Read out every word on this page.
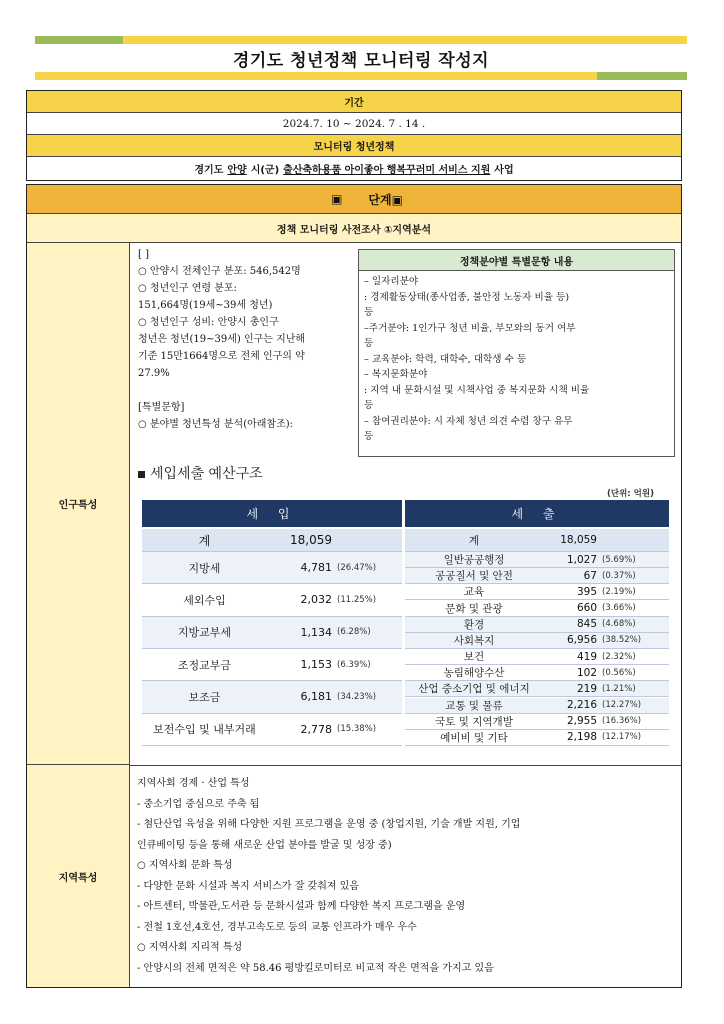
경기도 청년정책 모니터링 작성지
기간
2024.7. 10 ~ 2024. 7 . 14 .
모니터링 청년정책
경기도 안양 시(군) 출산축하용품 아이좋아 행복꾸러미 서비스 지원 사업
▣ 단계▣
정책 모니터링 사전조사 ①지역분석
인구특성
지역특성

[ ]

○ 안양시 전체인구 분포: 546,542명

○ 청년인구 연령 분포:

151,664명(19세~39세 청년)

○ 청년인구 성비: 안양시 총인구

청년은 청년(19~39세) 인구는 지난해

기준 15만1664명으로 전체 인구의 약

27.9%

[특별문항]

○ 분야별 청년특성 분석(아래참조):

정책분야별 특별문항 내용

– 일자리분야

: 경제활동상태(종사업종, 불안정 노동자 비율 등)

등

–주거분야: 1인가구 청년 비율, 부모와의 동거 여부

등

– 교육분야: 학력, 대학수, 대학생 수 등

– 복지문화분야

: 지역 내 문화시설 및 시책사업 중 복지문화 시책 비율

등

– 참여권리분야: 시 자체 청년 의견 수렴 창구 유무

등

세입세출 예산구조
(단위: 억원)
세 입	세 출
계	18,059	계	18,059
지방세	4,781 (26.47%)
세외수입	2,032 (11.25%)
지방교부세	1,134 (6.28%)
조정교부금	1,153 (6.39%)
보조금	6,181 (34.23%)
보전수입 및 내부거래	2,778 (15.38%)
일반공공행정	1,027 (5.69%)
공공질서 및 안전	67 (0.37%)
교육	395 (2.19%)
문화 및 관광	660 (3.66%)
환경	845 (4.68%)
사회복지	6,956 (38.52%)
보건	419 (2.32%)
농림해양수산	102 (0.56%)
산업 중소기업 및 에너지	219 (1.21%)
교통 및 물류	2,216 (12.27%)
국토 및 지역개발	2,955 (16.36%)
예비비 및 기타	2,198 (12.17%)

지역사회 경제 · 산업 특성

- 중소기업 중심으로 주축 됨

- 첨단산업 육성을 위해 다양한 지원 프로그램을 운영 중 (창업지원, 기술 개발 지원, 기업

인큐베이팅 등을 통해 새로운 산업 분야를 발굴 및 성장 중)

○ 지역사회 문화 특성

- 다양한 문화 시설과 복지 서비스가 잘 갖춰져 있음

- 아트센터, 박물관,도서관 등 문화시설과 함께 다양한 복지 프로그램을 운영

- 전철 1호선,4호선, 경부고속도로 등의 교통 인프라가 매우 우수

○ 지역사회 지리적 특성

- 안양시의 전체 면적은 약 58.46 평방킬로미터로 비교적 작은 면적을 가지고 있음
